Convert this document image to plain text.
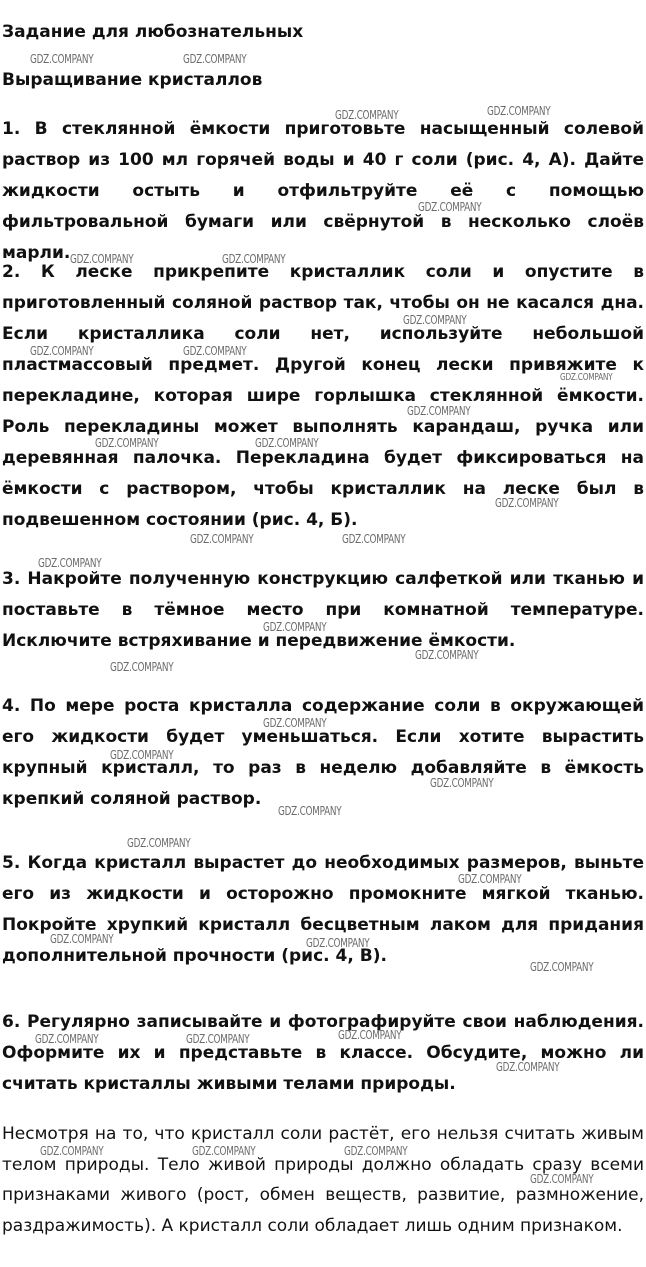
Задание для любознательных
Выращивание кристаллов
1. В стеклянной ёмкости приготовьте насыщенный солевой раствор из 100 мл горячей воды и 40 г соли (рис. 4, А). Дайте жидкости остыть и отфильтруйте её с помощью фильтровальной бумаги или свёрнутой в несколько слоёв марли.
2. К леске прикрепите кристаллик соли и опустите в приготовленный соляной раствор так, чтобы он не касался дна. Если кристаллика соли нет, используйте небольшой пластмассовый предмет. Другой конец лески привяжите к перекладине, которая шире горлышка стеклянной ёмкости. Роль перекладины может выполнять карандаш, ручка или деревянная палочка. Перекладина будет фиксироваться на ёмкости с раствором, чтобы кристаллик на леске был в подвешенном состоянии (рис. 4, Б).
3. Накройте полученную конструкцию салфеткой или тканью и поставьте в тёмное место при комнатной температуре. Исключите встряхивание и передвижение ёмкости.
4. По мере роста кристалла содержание соли в окружающей его жидкости будет уменьшаться. Если хотите вырастить крупный кристалл, то раз в неделю добавляйте в ёмкость крепкий соляной раствор.
5. Когда кристалл вырастет до необходимых размеров, выньте его из жидкости и осторожно промокните мягкой тканью. Покройте хрупкий кристалл бесцветным лаком для придания дополнительной прочности (рис. 4, В).
6. Регулярно записывайте и фотографируйте свои наблюдения. Оформите их и представьте в классе. Обсудите, можно ли считать кристаллы живыми телами природы.
Несмотря на то, что кристалл соли растёт, его нельзя считать живым телом природы. Тело живой природы должно обладать сразу всеми признаками живого (рост, обмен веществ, развитие, размножение, раздражимость). А кристалл соли обладает лишь одним признаком.
GDZ.COMPANY	GDZ.COMPANY
GDZ.COMPANY	GDZ.COMPANY
GDZ.COMPANY
GDZ.COMPANY	GDZ.COMPANY
GDZ.COMPANY
GDZ.COMPANY	GDZ.COMPANY
GDZ.COMPANY
GDZ.COMPANY
GDZ.COMPANY	GDZ.COMPANY
GDZ.COMPANY
GDZ.COMPANY	GDZ.COMPANY
GDZ.COMPANY
GDZ.COMPANY
GDZ.COMPANY
GDZ.COMPANY
GDZ.COMPANY
GDZ.COMPANY
GDZ.COMPANY
GDZ.COMPANY
GDZ.COMPANY
GDZ.COMPANY
GDZ.COMPANY	GDZ.COMPANY
GDZ.COMPANY
GDZ.COMPANY	GDZ.COMPANY	GDZ.COMPANY
GDZ.COMPANY
GDZ.COMPANY	GDZ.COMPANY	GDZ.COMPANY
GDZ.COMPANY
